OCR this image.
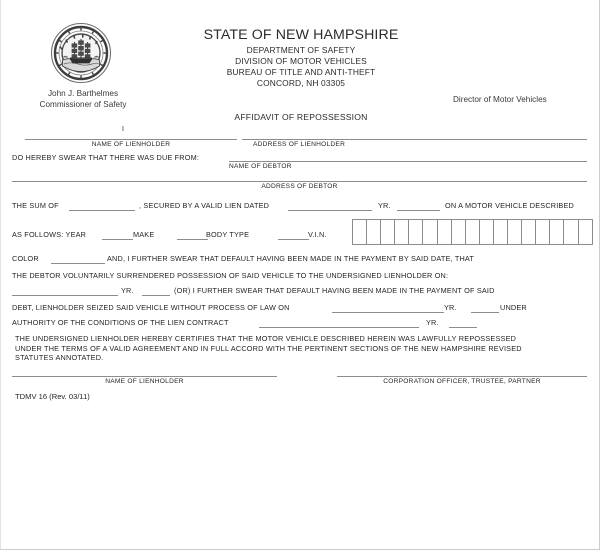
John J. Barthelmes
Commissioner of Safety
STATE OF NEW HAMPSHIRE
DEPARTMENT OF SAFETY
DIVISION OF MOTOR VEHICLES
BUREAU OF TITLE AND ANTI-THEFT
CONCORD, NH 03305
Director of Motor Vehicles
AFFIDAVIT OF REPOSSESSION
I
NAME OF LIENHOLDER	ADDRESS OF LIENHOLDER
DO HEREBY SWEAR THAT THERE WAS DUE FROM:
NAME OF DEBTOR
ADDRESS OF DEBTOR
THE SUM OF	, SECURED BY A VALID LIEN DATED	YR.	ON A MOTOR VEHICLE DESCRIBED
AS FOLLOWS: YEAR	MAKE	BODY TYPE	V.I.N.
COLOR	AND, I FURTHER SWEAR THAT DEFAULT HAVING BEEN MADE IN THE PAYMENT BY SAID DATE, THAT
THE DEBTOR VOLUNTARILY SURRENDERED POSSESSION OF SAID VEHICLE TO THE UNDERSIGNED LIENHOLDER ON:
YR.	(OR) I FURTHER SWEAR THAT DEFAULT HAVING BEEN MADE IN THE PAYMENT OF SAID
DEBT, LIENHOLDER SEIZED SAID VEHICLE WITHOUT PROCESS OF LAW ON	YR.	UNDER
AUTHORITY OF THE CONDITIONS OF THE LIEN CONTRACT	YR.
THE UNDERSIGNED LIENHOLDER HEREBY CERTIFIES THAT THE MOTOR VEHICLE DESCRIBED HEREIN WAS LAWFULLY REPOSSESSED
UNDER THE TERMS OF A VALID AGREEMENT AND IN FULL ACCORD WITH THE PERTINENT SECTIONS OF THE NEW HAMPSHIRE REVISED
STATUTES ANNOTATED.
NAME OF LIENHOLDER	CORPORATION OFFICER, TRUSTEE, PARTNER
TDMV 16 (Rev. 03/11)
